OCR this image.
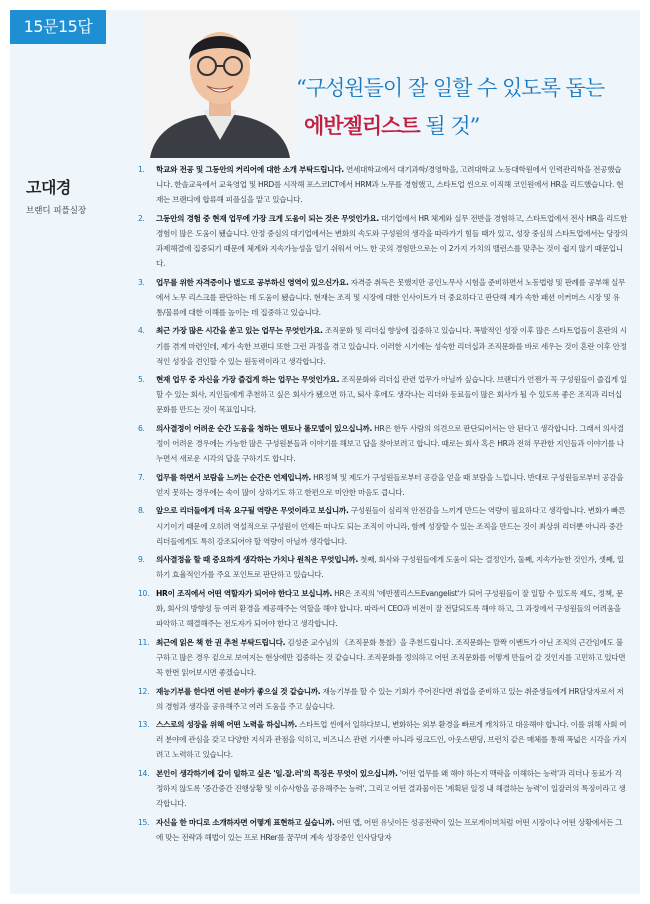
15문15답
“구성원들이 잘 일할 수 있도록 돕는
에반젤리스트 될 것”
고대경
브랜디 피플실장
1.	학교와 전공 및 그동안의 커리어에 대한 소개 부탁드립니다. 연세대학교에서 대기과학/경영학을, 고려대학교 노동대학원에서 인력관리학을 전공했습니다. 한솔교육에서 교육영업 및 HRD를 시작해 포스코ICT에서 HRM과 노무를 경험했고, 스타트업 씬으로 이직해 코인원에서 HR을 리드했습니다. 현재는 브랜디에 합류해 피플실을 맡고 있습니다.
2.	그동안의 경험 중 현재 업무에 가장 크게 도움이 되는 것은 무엇인가요. 대기업에서 HR 체계와 실무 전반을 경험하고, 스타트업에서 전사 HR을 리드한 경험이 많은 도움이 됐습니다. 안정 중심의 대기업에서는 변화의 속도와 구성원의 생각을 따라가기 힘들 때가 있고, 성장 중심의 스타트업에서는 당장의 과제해결에 집중되기 때문에 체계와 지속가능성을 일기 쉬워서 어느 한 곳의 경험만으로는 이 2가지 가치의 밸런스를 맞추는 것이 쉽지 않기 때문입니다.
3.	업무를 위한 자격증이나 별도로 공부하신 영역이 있으신가요. 자격증 취득은 못했지만 공인노무사 시험을 준비하면서 노동법령 및 판례를 공부해 실무에서 노무 리스크를 판단하는 데 도움이 됐습니다. 현재는 조직 및 시장에 대한 인사이트가 더 중요하다고 판단해 제가 속한 패션 이커머스 시장 및 유통/물류에 대한 이해를 높이는 데 집중하고 있습니다.
4.	최근 가장 많은 시간을 쏟고 있는 업무는 무엇인가요. 조직문화 및 리더십 향상에 집중하고 있습니다. 폭발적인 성장 이후 많은 스타트업들이 혼란의 시기를 겪게 마련인데, 제가 속한 브랜디 또한 그런 과정을 겪고 있습니다. 이러한 시기에는 성숙한 리더십과 조직문화를 바로 세우는 것이 혼란 이후 안정적인 성장을 견인할 수 있는 원동력이라고 생각합니다.
5.	현재 업무 중 자신을 가장 즐겁게 하는 업무는 무엇인가요. 조직문화와 리더십 관련 업무가 아닐까 싶습니다. 브랜디가 언젠가 꼭 구성원들이 즐겁게 일할 수 있는 회사, 지인들에게 추천하고 싶은 회사가 됐으면 하고, 퇴사 후에도 생각나는 리더와 동료들이 많은 회사가 될 수 있도록 좋은 조직과 리더십 문화를 만드는 것이 목표입니다.
6.	의사결정이 어려운 순간 도움을 청하는 멘토나 롤모델이 있으십니까. HR은 한두 사람의 의견으로 판단되어서는 안 된다고 생각합니다. 그래서 의사결정이 어려운 경우에는 가능한 많은 구성원분들과 이야기를 해보고 답을 찾아보려고 합니다. 때로는 회사 혹은 HR과 전혀 무관한 지인들과 이야기를 나누면서 새로운 시각의 답을 구하기도 합니다.
7.	업무를 하면서 보람을 느끼는 순간은 언제입니까. HR정책 및 제도가 구성원들로부터 공감을 얻을 때 보람을 느낍니다. 반대로 구성원들로부터 공감을 얻지 못하는 경우에는 속이 많이 상하기도 하고 한편으로 미안한 마음도 큽니다.
8.	앞으로 리더들에게 더욱 요구될 역량은 무엇이라고 보십니까. 구성원들이 심리적 안전감을 느끼게 만드는 역량이 필요하다고 생각합니다. 변화가 빠른 시기이기 때문에 오히려 역설적으로 구성원이 언제든 떠나도 되는 조직이 아니라, 함께 성장할 수 있는 조직을 만드는 것이 최상위 리더뿐 아니라 중간리더들에게도 특히 강조되어야 할 역량이 아닐까 생각합니다.
9.	의사결정을 할 때 중요하게 생각하는 가치나 원칙은 무엇입니까. 첫째, 회사와 구성원들에게 도움이 되는 결정인가, 둘째, 지속가능한 것인가, 셋째, 일하기 효율적인가를 주요 포인트로 판단하고 있습니다.
10. HR이 조직에서 어떤 역할자가 되어야 한다고 보십니까. HR은 조직의 '에반젤리스트Evangelist'가 되어 구성원들이 잘 일할 수 있도록 제도, 정책, 문화, 회사의 방향성 등 여러 환경을 제공해주는 역할을 해야 합니다. 따라서 CEO과 비전이 잘 전달되도록 해야 하고, 그 과정에서 구성원들의 어려움을 파악하고 해결해주는 전도자가 되어야 한다고 생각합니다.
11. 최근에 읽은 책 한 권 추천 부탁드립니다. 김성준 교수님의 《조직문화 통찰》을 추천드립니다. 조직문화는 깜짝 이벤트가 아닌 조직의 근간임에도 불구하고 많은 경우 겉으로 보여지는 현상에만 집중하는 것 같습니다. 조직문화를 정의하고 어떤 조직문화를 어떻게 만들어 갈 것인지를 고민하고 있다면 꼭 한번 읽어보시면 좋겠습니다.
12. 재능기부를 한다면 어떤 분야가 좋으실 것 같습니까. 재능기부를 할 수 있는 기회가 주어진다면 취업을 준비하고 있는 취준생들에게 HR담당자로서 저의 경험과 생각을 공유해주고 여러 도움을 주고 싶습니다.
13. 스스로의 성장을 위해 어떤 노력을 하십니까. 스타트업 씬에서 일하다보니, 변화하는 외부 환경을 빠르게 캐치하고 대응해야 합니다. 이를 위해 사회 여러 분야에 관심을 갖고 다양한 지식과 관점을 익히고, 비즈니스 관련 기사뿐 아니라 링크드인, 아웃스탠딩, 브런치 같은 매체를 통해 폭넓은 시각을 가지려고 노력하고 있습니다.
14. 본인이 생각하기에 같이 일하고 싶은 '일.잘.러'의 특징은 무엇이 있으십니까. '어떤 업무를 왜 해야 하는지 맥락을 이해하는 능력'과 리더나 동료가 걱정하지 않도록 '중간중간 진행상황 및 이슈사항을 공유해주는 능력', 그리고 어떤 결과물이든 '계획된 일정 내 해결하는 능력'이 일잘러의 특징이라고 생각합니다.
15. 자신을 한 마디로 소개하자면 어떻게 표현하고 싶습니까. 어떤 맵, 어떤 유닛이든 성공전략이 있는 프로게이머처럼 어떤 시장이나 어떤 상황에서든 그에 맞는 전략과 해법이 있는 프로 HRer를 꿈꾸며 계속 성장중인 인사담당자
